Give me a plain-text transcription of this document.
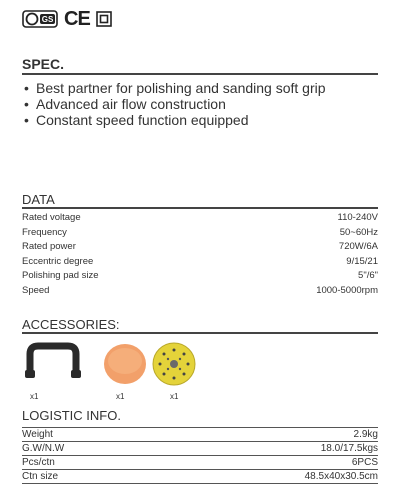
GS CE
SPEC.
• Best partner for polishing and sanding soft grip
• Advanced air flow construction
• Constant speed function equipped
DATA
Rated voltage	110-240V
Frequency	50~60Hz
Rated power	720W/6A
Eccentric degree	9/15/21
Polishing pad size	5"/6"
Speed	1000-5000rpm
ACCESSORIES:
x1	x1	x1
LOGISTIC INFO.
Weight	2.9kg
G.W/N.W	18.0/17.5kgs
Pcs/ctn	6PCS
Ctn size	48.5x40x30.5cm
